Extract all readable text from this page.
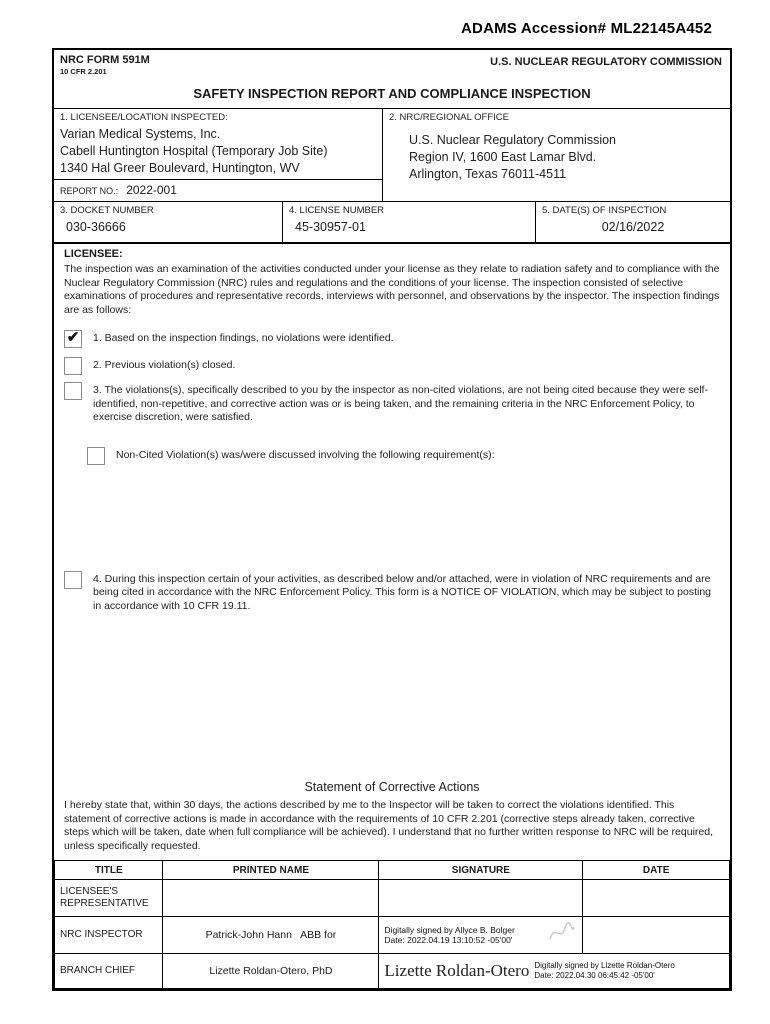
ADAMS Accession# ML22145A452
NRC FORM 591M
10 CFR 2.201
U.S. NUCLEAR REGULATORY COMMISSION
SAFETY INSPECTION REPORT AND COMPLIANCE INSPECTION
1. LICENSEE/LOCATION INSPECTED:
Varian Medical Systems, Inc.
Cabell Huntington Hospital (Temporary Job Site)
1340 Hal Greer Boulevard, Huntington, WV
REPORT NO.: 2022-001
2. NRC/REGIONAL OFFICE
U.S. Nuclear Regulatory Commission
Region IV, 1600 East Lamar Blvd.
Arlington, Texas 76011-4511
3. DOCKET NUMBER
030-36666
4. LICENSE NUMBER
45-30957-01
5. DATE(S) OF INSPECTION
02/16/2022
LICENSEE:
The inspection was an examination of the activities conducted under your license as they relate to radiation safety and to compliance with the Nuclear Regulatory Commission (NRC) rules and regulations and the conditions of your license. The inspection consisted of selective examinations of procedures and representative records, interviews with personnel, and observations by the inspector. The inspection findings are as follows:
✔ 1. Based on the inspection findings, no violations were identified.
2. Previous violation(s) closed.
3. The violations(s), specifically described to you by the inspector as non-cited violations, are not being cited because they were self-identified, non-repetitive, and corrective action was or is being taken, and the remaining criteria in the NRC Enforcement Policy, to exercise discretion, were satisfied.
Non-Cited Violation(s) was/were discussed involving the following requirement(s):
4. During this inspection certain of your activities, as described below and/or attached, were in violation of NRC requirements and are being cited in accordance with the NRC Enforcement Policy. This form is a NOTICE OF VIOLATION, which may be subject to posting in accordance with 10 CFR 19.11.
Statement of Corrective Actions
I hereby state that, within 30 days, the actions described by me to the Inspector will be taken to correct the violations identified. This statement of corrective actions is made in accordance with the requirements of 10 CFR 2.201 (corrective steps already taken, corrective steps which will be taken, date when full compliance will be achieved). I understand that no further written response to NRC will be required, unless specifically requested.
TITLE	PRINTED NAME	SIGNATURE	DATE
LICENSEE'S REPRESENTATIVE			
NRC INSPECTOR	Patrick-John Hann   ABB for	Digitally signed by Allyce B. Bolger
Date: 2022.04.19 13:10:52 -05'00'	

BRANCH CHIEF	Lizette Roldan-Otero, PhD	Lizette Roldan-Otero Digitally signed by Lizette Roldan-Otero
Date: 2022.04.30 06:45:42 -05'00'	
